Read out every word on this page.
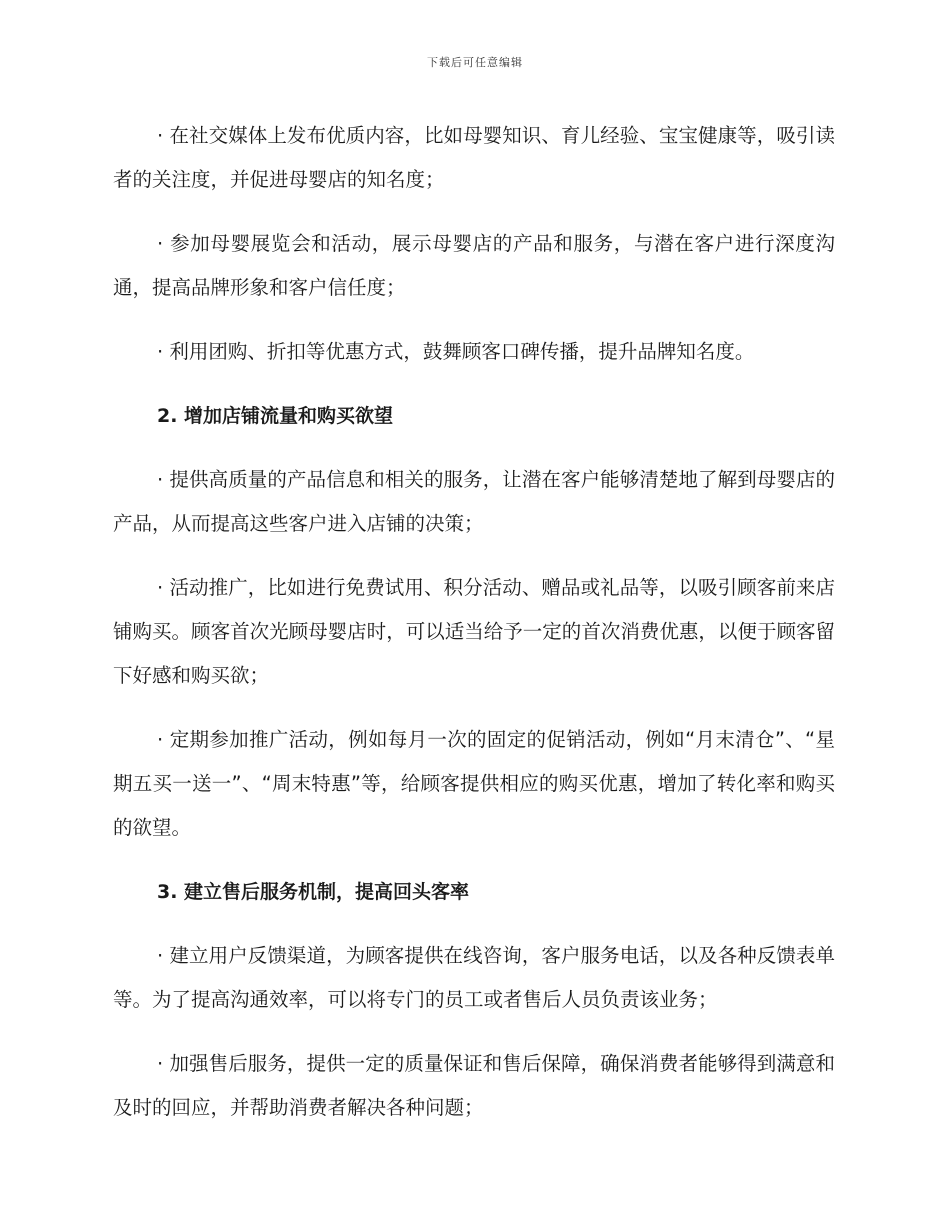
下载后可任意编辑

· 在社交媒体上发布优质内容，比如母婴知识、育儿经验、宝宝健康等，吸引读者的关注度，并促进母婴店的知名度；

· 参加母婴展览会和活动，展示母婴店的产品和服务，与潜在客户进行深度沟通，提高品牌形象和客户信任度；

· 利用团购、折扣等优惠方式，鼓舞顾客口碑传播，提升品牌知名度。

2. 增加店铺流量和购买欲望

· 提供高质量的产品信息和相关的服务，让潜在客户能够清楚地了解到母婴店的产品，从而提高这些客户进入店铺的决策；

· 活动推广，比如进行免费试用、积分活动、赠品或礼品等，以吸引顾客前来店铺购买。顾客首次光顾母婴店时，可以适当给予一定的首次消费优惠，以便于顾客留下好感和购买欲；

· 定期参加推广活动，例如每月一次的固定的促销活动，例如“月末清仓”、“星期五买一送一”、“周末特惠”等，给顾客提供相应的购买优惠，增加了转化率和购买的欲望。

3. 建立售后服务机制，提高回头客率

· 建立用户反馈渠道，为顾客提供在线咨询，客户服务电话，以及各种反馈表单等。为了提高沟通效率，可以将专门的员工或者售后人员负责该业务；

· 加强售后服务，提供一定的质量保证和售后保障，确保消费者能够得到满意和及时的回应，并帮助消费者解决各种问题；
